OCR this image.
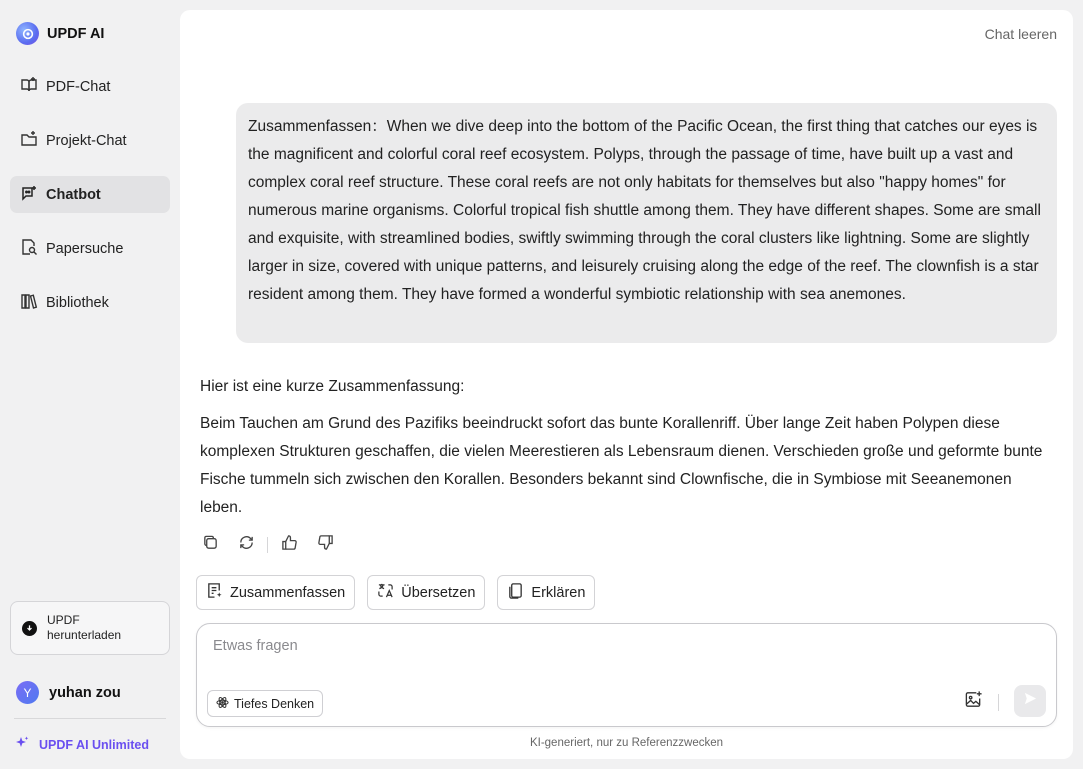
UPDF AI
PDF-Chat
Projekt-Chat
Chatbot
Papersuche
Bibliothek
UPDF herunterladen
Y	yuhan zou
UPDF AI Unlimited
Chat leeren
Zusammenfassen：When we dive deep into the bottom of the Pacific Ocean, the first thing that catches our eyes is the magnificent and colorful coral reef ecosystem. Polyps, through the passage of time, have built up a vast and complex coral reef structure. These coral reefs are not only habitats for themselves but also "happy homes" for numerous marine organisms. Colorful tropical fish shuttle among them. They have different shapes. Some are small and exquisite, with streamlined bodies, swiftly swimming through the coral clusters like lightning. Some are slightly larger in size, covered with unique patterns, and leisurely cruising along the edge of the reef. The clownfish is a star resident among them. They have formed a wonderful symbiotic relationship with sea anemones.
Hier ist eine kurze Zusammenfassung:
Beim Tauchen am Grund des Pazifiks beeindruckt sofort das bunte Korallenriff. Über lange Zeit haben Polypen diese komplexen Strukturen geschaffen, die vielen Meerestieren als Lebensraum dienen. Verschieden große und geformte bunte Fische tummeln sich zwischen den Korallen. Besonders bekannt sind Clownfische, die in Symbiose mit Seeanemonen leben.
Zusammenfassen	Übersetzen	Erklären
Etwas fragen
Tiefes Denken
KI-generiert, nur zu Referenzzwecken
